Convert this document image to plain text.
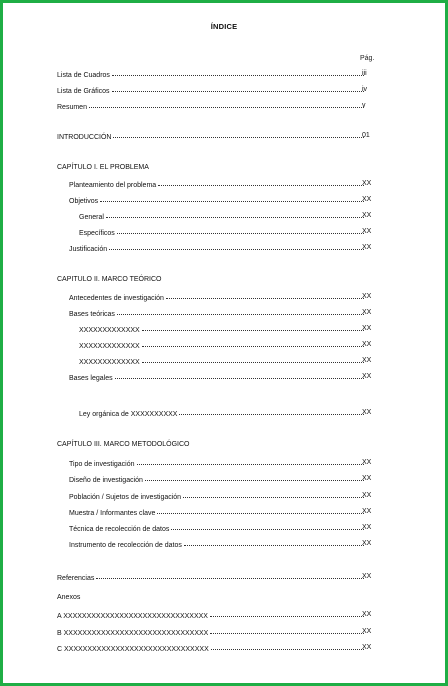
ÍNDICE
Pág.
Lista de Cuadros	iii
Lista de Gráficos	iv
Resumen	v
INTRODUCCIÓN	01
CAPÍTULO I. EL PROBLEMA
Planteamiento del problema	XX
Objetivos	XX
General	XX
Específicos	XX
Justificación	XX
CAPITULO II. MARCO TEÓRICO
Antecedentes de investigación	XX
Bases teóricas	XX
XXXXXXXXXXXXX	XX
XXXXXXXXXXXXX	XX
XXXXXXXXXXXXX	XX
Bases legales	XX
Ley orgánica de XXXXXXXXXX	XX
CAPÍTULO III. MARCO METODOLÓGICO
Tipo de investigación	XX
Diseño de investigación	XX
Población / Sujetos de investigación	XX
Muestra / Informantes clave	XX
Técnica de recolección de datos	XX
Instrumento de recolección de datos	XX
Referencias	XX
Anexos
A XXXXXXXXXXXXXXXXXXXXXXXXXXXXXXX	XX
B XXXXXXXXXXXXXXXXXXXXXXXXXXXXXXX	XX
C XXXXXXXXXXXXXXXXXXXXXXXXXXXXXXX	XX
